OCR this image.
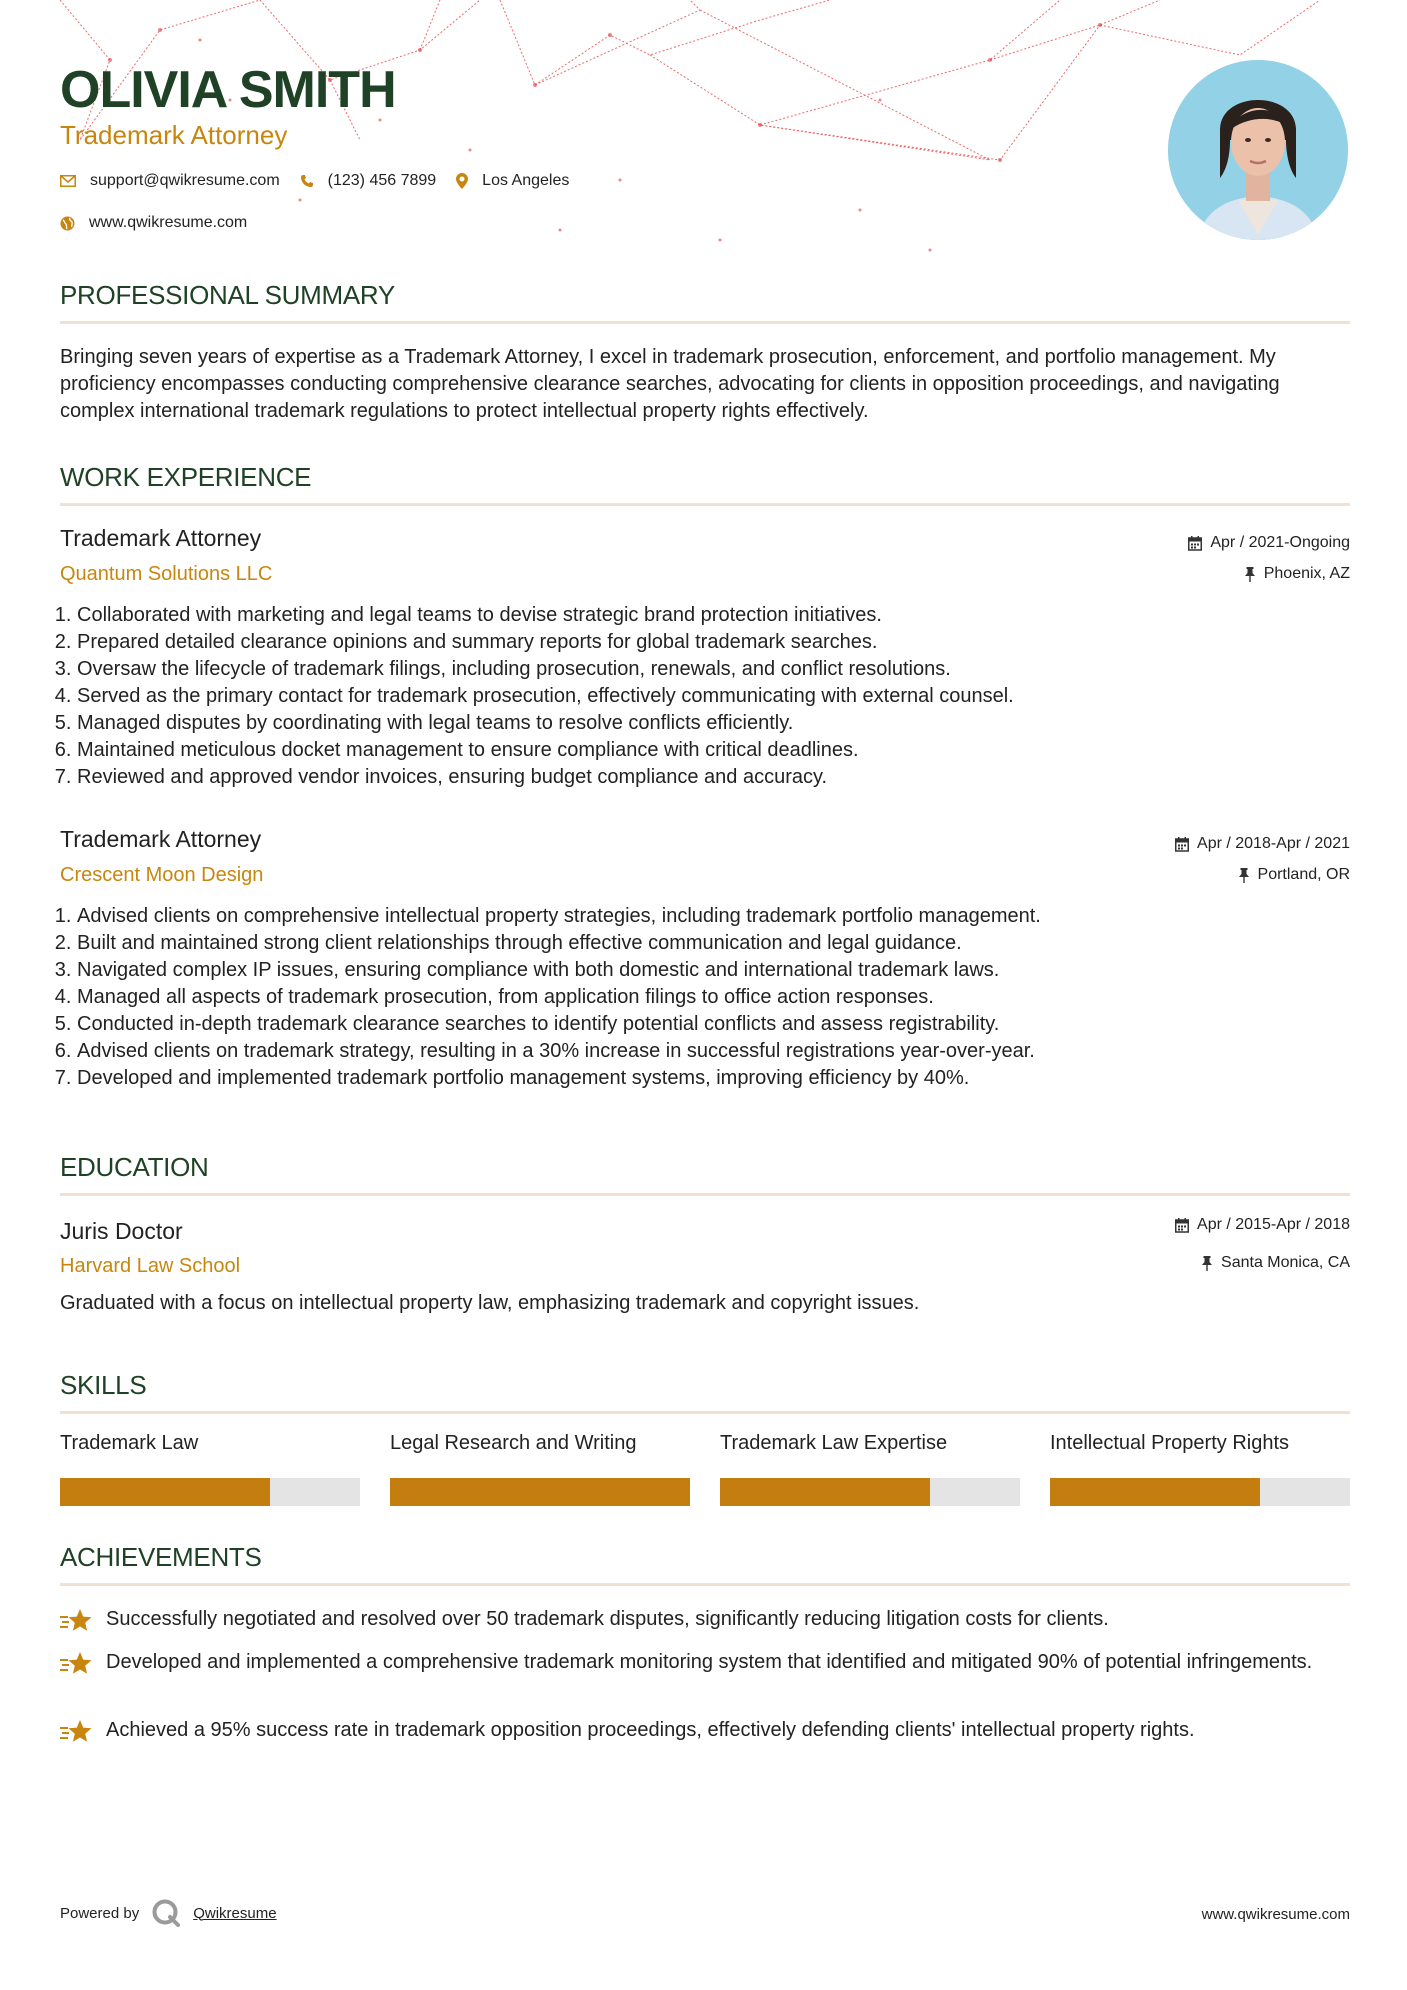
OLIVIA SMITH
Trademark Attorney
support@qwikresume.com	(123) 456 7899	Los Angeles
www.qwikresume.com
PROFESSIONAL SUMMARY

Bringing seven years of expertise as a Trademark Attorney, I excel in trademark prosecution, enforcement, and portfolio management. My proficiency encompasses conducting comprehensive clearance searches, advocating for clients in opposition proceedings, and navigating complex international trademark regulations to protect intellectual property rights effectively.

WORK EXPERIENCE
Trademark Attorney
Quantum Solutions LLC
Apr / 2021-Ongoing
Phoenix, AZ
1. Collaborated with marketing and legal teams to devise strategic brand protection initiatives.
2. Prepared detailed clearance opinions and summary reports for global trademark searches.
3. Oversaw the lifecycle of trademark filings, including prosecution, renewals, and conflict resolutions.
4. Served as the primary contact for trademark prosecution, effectively communicating with external counsel.
5. Managed disputes by coordinating with legal teams to resolve conflicts efficiently.
6. Maintained meticulous docket management to ensure compliance with critical deadlines.
7. Reviewed and approved vendor invoices, ensuring budget compliance and accuracy.
Trademark Attorney
Crescent Moon Design
Apr / 2018-Apr / 2021
Portland, OR
1. Advised clients on comprehensive intellectual property strategies, including trademark portfolio management.
2. Built and maintained strong client relationships through effective communication and legal guidance.
3. Navigated complex IP issues, ensuring compliance with both domestic and international trademark laws.
4. Managed all aspects of trademark prosecution, from application filings to office action responses.
5. Conducted in-depth trademark clearance searches to identify potential conflicts and assess registrability.
6. Advised clients on trademark strategy, resulting in a 30% increase in successful registrations year-over-year.
7. Developed and implemented trademark portfolio management systems, improving efficiency by 40%.
EDUCATION
Juris Doctor
Harvard Law School
Apr / 2015-Apr / 2018
Santa Monica, CA

Graduated with a focus on intellectual property law, emphasizing trademark and copyright issues.

SKILLS
Trademark Law	Legal Research and Writing	Trademark Law Expertise	Intellectual Property Rights
ACHIEVEMENTS
Successfully negotiated and resolved over 50 trademark disputes, significantly reducing litigation costs for clients.
Developed and implemented a comprehensive trademark monitoring system that identified and mitigated 90% of potential infringements.
Achieved a 95% success rate in trademark opposition proceedings, effectively defending clients' intellectual property rights.
Powered by	Qwikresume	www.qwikresume.com
